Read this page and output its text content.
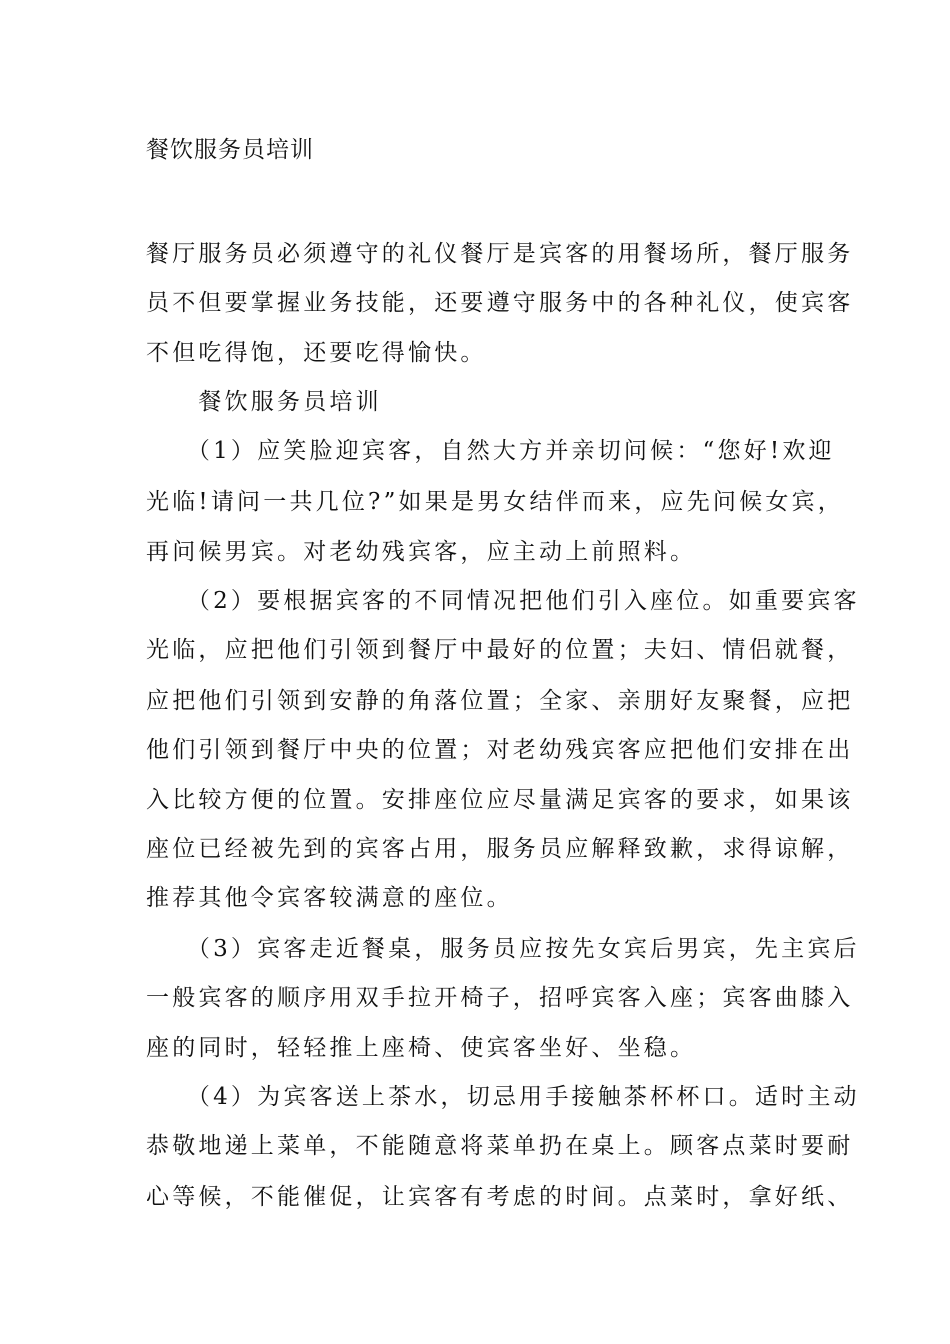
餐饮服务员培训
餐厅服务员必须遵守的礼仪餐厅是宾客的用餐场所，餐厅服务
员不但要掌握业务技能，还要遵守服务中的各种礼仪，使宾客
不但吃得饱，还要吃得愉快。
　　餐饮服务员培训
　　（1）应笑脸迎宾客，自然大方并亲切问候：“您好!欢迎
光临!请问一共几位?”如果是男女结伴而来，应先问候女宾，
再问候男宾。对老幼残宾客，应主动上前照料。
　　（2）要根据宾客的不同情况把他们引入座位。如重要宾客
光临，应把他们引领到餐厅中最好的位置；夫妇、情侣就餐，
应把他们引领到安静的角落位置；全家、亲朋好友聚餐，应把
他们引领到餐厅中央的位置；对老幼残宾客应把他们安排在出
入比较方便的位置。安排座位应尽量满足宾客的要求，如果该
座位已经被先到的宾客占用，服务员应解释致歉，求得谅解，
推荐其他令宾客较满意的座位。
　　（3）宾客走近餐桌，服务员应按先女宾后男宾，先主宾后
一般宾客的顺序用双手拉开椅子，招呼宾客入座；宾客曲膝入
座的同时，轻轻推上座椅、使宾客坐好、坐稳。
　　（4）为宾客送上茶水，切忌用手接触茶杯杯口。适时主动
恭敬地递上菜单，不能随意将菜单扔在桌上。顾客点菜时要耐
心等候，不能催促，让宾客有考虑的时间。点菜时，拿好纸、
